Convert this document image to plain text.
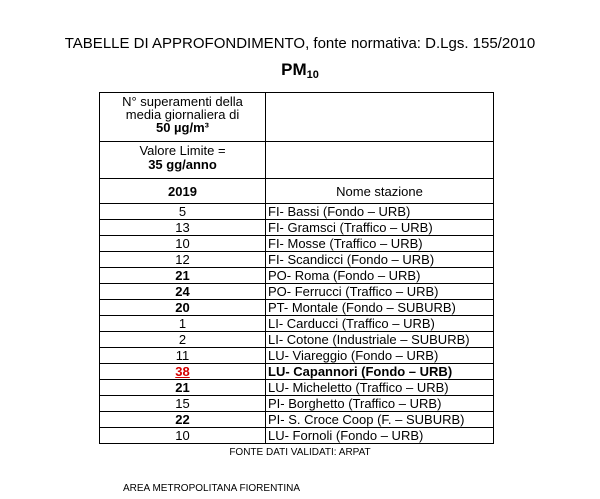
TABELLE DI APPROFONDIMENTO, fonte normativa: D.Lgs. 155/2010
$PM_{10}$
N° superamenti della
media giornaliera di
50 µg/m³	

Valore Limite =
35 gg/anno	

2019	Nome stazione
5	FI- Bassi (Fondo – URB)
13	FI- Gramsci (Traffico – URB)
10	FI- Mosse (Traffico – URB)
12	FI- Scandicci (Fondo – URB)
21	PO- Roma (Fondo – URB)
24	PO- Ferrucci (Traffico – URB)
20	PT- Montale (Fondo – SUBURB)
1	LI- Carducci (Traffico – URB)
2	LI- Cotone (Industriale – SUBURB)
11	LU- Viareggio (Fondo – URB)
38	LU- Capannori (Fondo – URB)
21	LU- Micheletto (Traffico – URB)
15	PI- Borghetto (Traffico – URB)
22	PI- S. Croce Coop (F. – SUBURB)
10	LU- Fornoli (Fondo – URB)
FONTE DATI VALIDATI: ARPAT
AREA METROPOLITANA FIORENTINA
